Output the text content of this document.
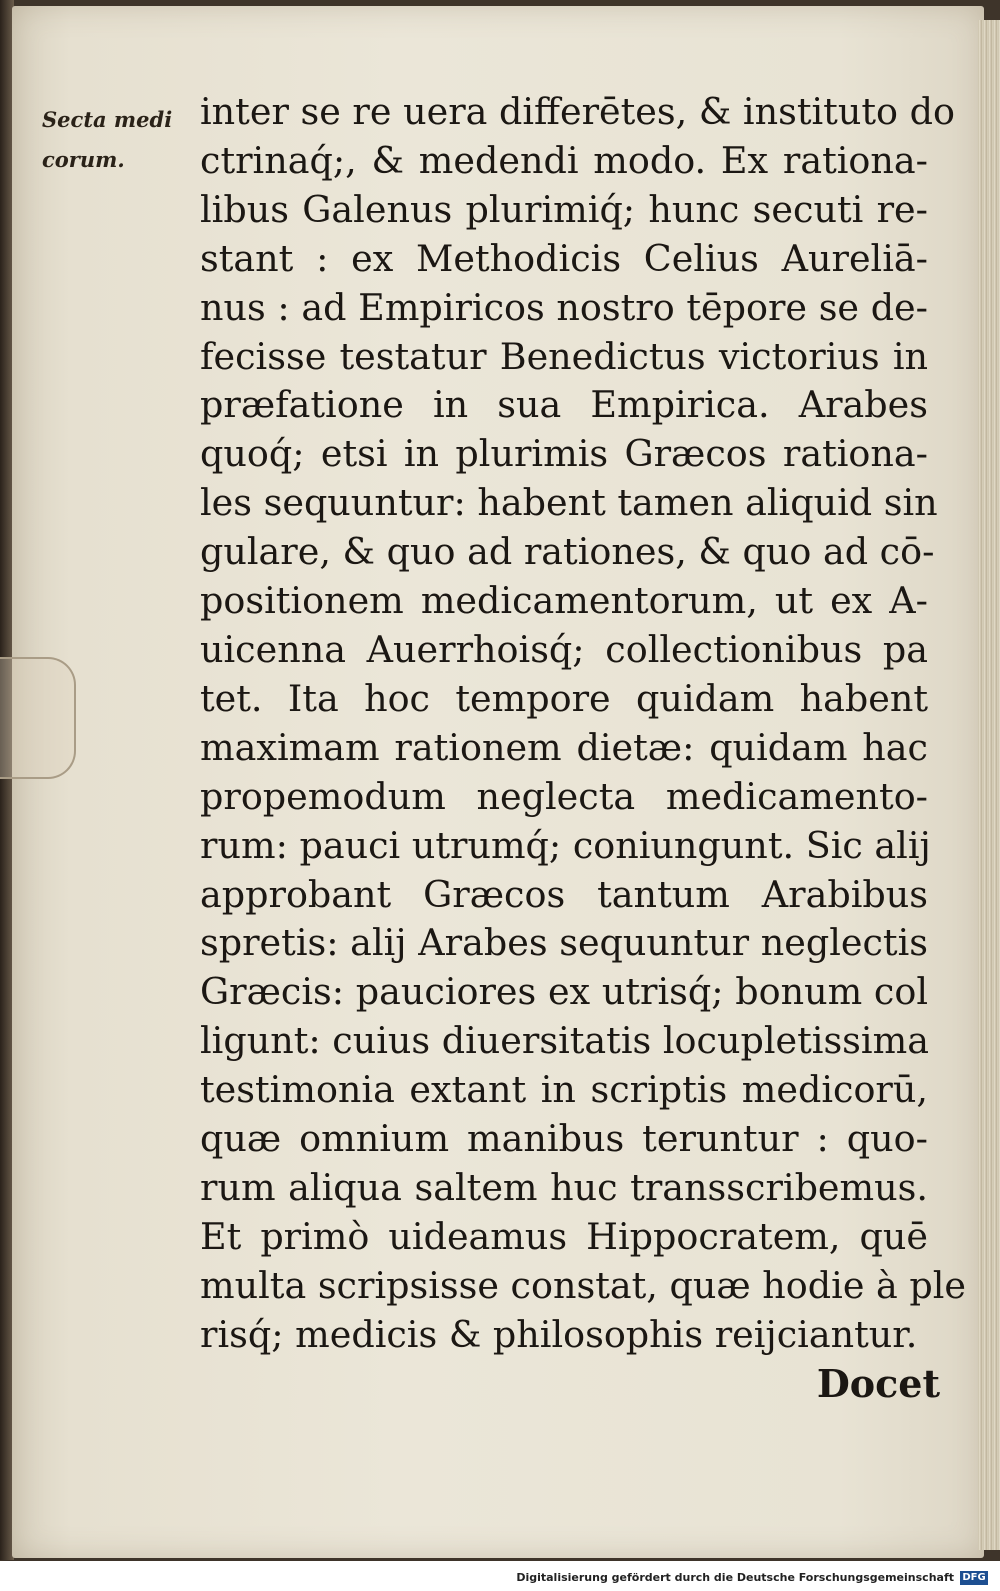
Secta medi
corum.
inter se re uera differētes, & instituto do
ctrinaq́;, & medendi modo. Ex rationa-
libus Galenus plurimiq́; hunc secuti re-
stant : ex Methodicis Celius Aureliā-
nus : ad Empiricos nostro tēpore se de-
fecisse testatur Benedictus victorius in
præfatione in sua Empirica. Arabes
quoq́; etsi in plurimis Græcos rationa-
les sequuntur: habent tamen aliquid sin
gulare, & quo ad rationes, & quo ad cō-
positionem medicamentorum, ut ex A-
uicenna Auerrhoisq́; collectionibus pa
tet. Ita hoc tempore quidam habent
maximam rationem dietæ: quidam hac
propemodum neglecta medicamento-
rum: pauci utrumq́; coniungunt. Sic alij
approbant Græcos tantum Arabibus
spretis: alij Arabes sequuntur neglectis
Græcis: pauciores ex utrisq́; bonum col
ligunt: cuius diuersitatis locupletissima
testimonia extant in scriptis medicorū,
quæ omnium manibus teruntur : quo-
rum aliqua saltem huc transscribemus.
Et primò uideamus Hippocratem, quē
multa scripsisse constat, quæ hodie à ple
risq́; medicis & philosophis reijciantur.
Docet
Digitalisierung gefördert durch die Deutsche Forschungsgemeinschaft DFG
